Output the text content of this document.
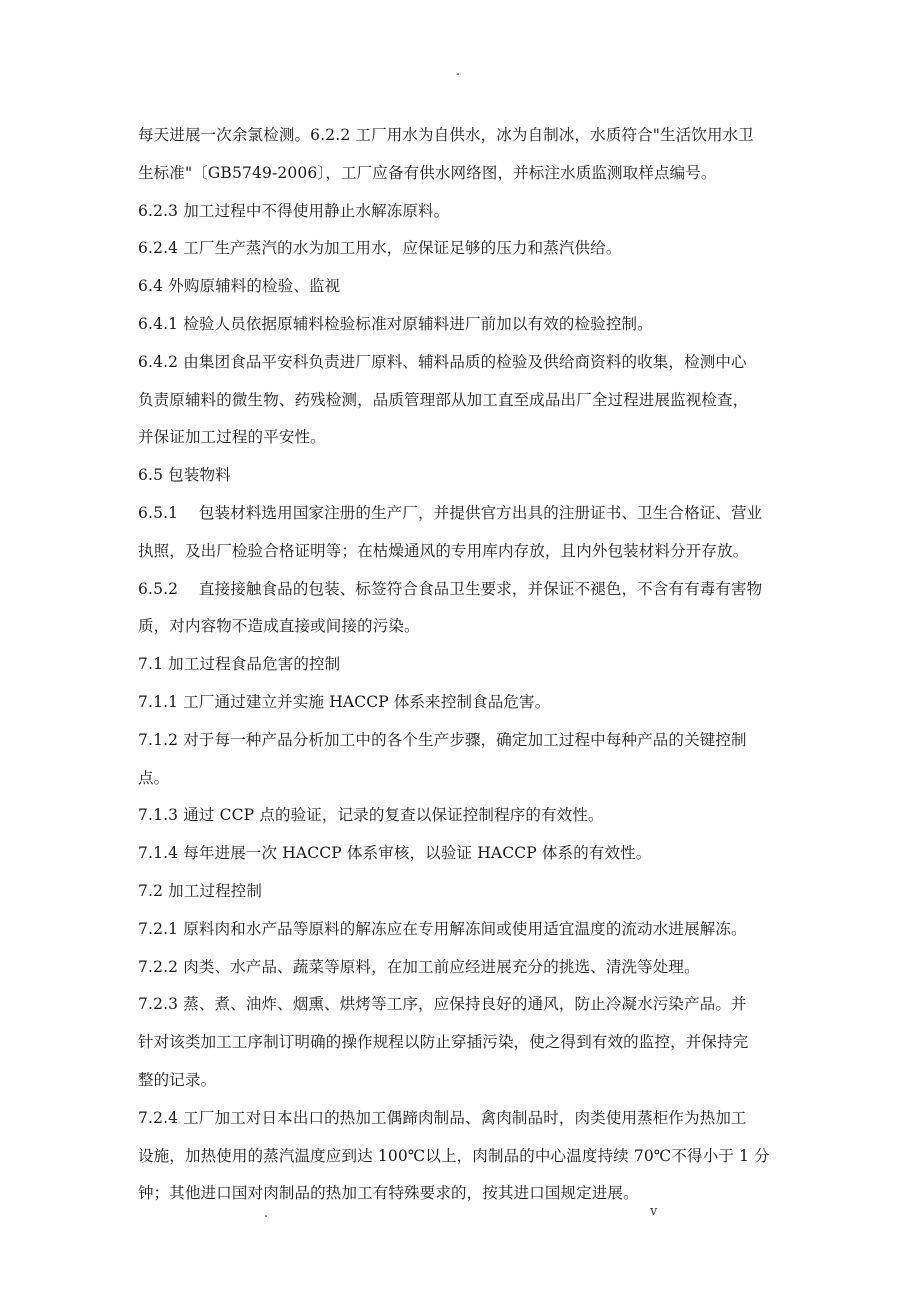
.
每天进展一次余氯检测。6.2.2 工厂用水为自供水，冰为自制冰，水质符合"生活饮用水卫
生标准"〔GB5749-2006〕，工厂应备有供水网络图，并标注水质监测取样点编号。
6.2.3 加工过程中不得使用静止水解冻原料。
6.2.4 工厂生产蒸汽的水为加工用水，应保证足够的压力和蒸汽供给。
6.4 外购原辅料的检验、监视
6.4.1 检验人员依据原辅料检验标准对原辅料进厂前加以有效的检验控制。
6.4.2 由集团食品平安科负责进厂原料、辅料品质的检验及供给商资料的收集，检测中心
负责原辅料的微生物、药残检测，品质管理部从加工直至成品出厂全过程进展监视检查，
并保证加工过程的平安性。
6.5 包装物料
6.5.1　 包装材料选用国家注册的生产厂，并提供官方出具的注册证书、卫生合格证、营业
执照，及出厂检验合格证明等；在枯燥通风的专用库内存放，且内外包装材料分开存放。
6.5.2　 直接接触食品的包装、标签符合食品卫生要求，并保证不褪色，不含有有毒有害物
质，对内容物不造成直接或间接的污染。
7.1 加工过程食品危害的控制
7.1.1 工厂通过建立并实施 HACCP 体系来控制食品危害。
7.1.2 对于每一种产品分析加工中的各个生产步骤，确定加工过程中每种产品的关键控制
点。
7.1.3 通过 CCP 点的验证，记录的复查以保证控制程序的有效性。
7.1.4 每年进展一次 HACCP 体系审核，以验证 HACCP 体系的有效性。
7.2 加工过程控制
7.2.1 原料肉和水产品等原料的解冻应在专用解冻间或使用适宜温度的流动水进展解冻。
7.2.2 肉类、水产品、蔬菜等原料，在加工前应经进展充分的挑选、清洗等处理。
7.2.3 蒸、煮、油炸、烟熏、烘烤等工序，应保持良好的通风，防止冷凝水污染产品。并
针对该类加工工序制订明确的操作规程以防止穿插污染，使之得到有效的监控，并保持完
整的记录。
7.2.4 工厂加工对日本出口的热加工偶蹄肉制品、禽肉制品时，肉类使用蒸柜作为热加工
设施，加热使用的蒸汽温度应到达 100℃以上，肉制品的中心温度持续 70℃不得小于 1 分
钟；其他进口国对肉制品的热加工有特殊要求的，按其进口国规定进展。
.	v
